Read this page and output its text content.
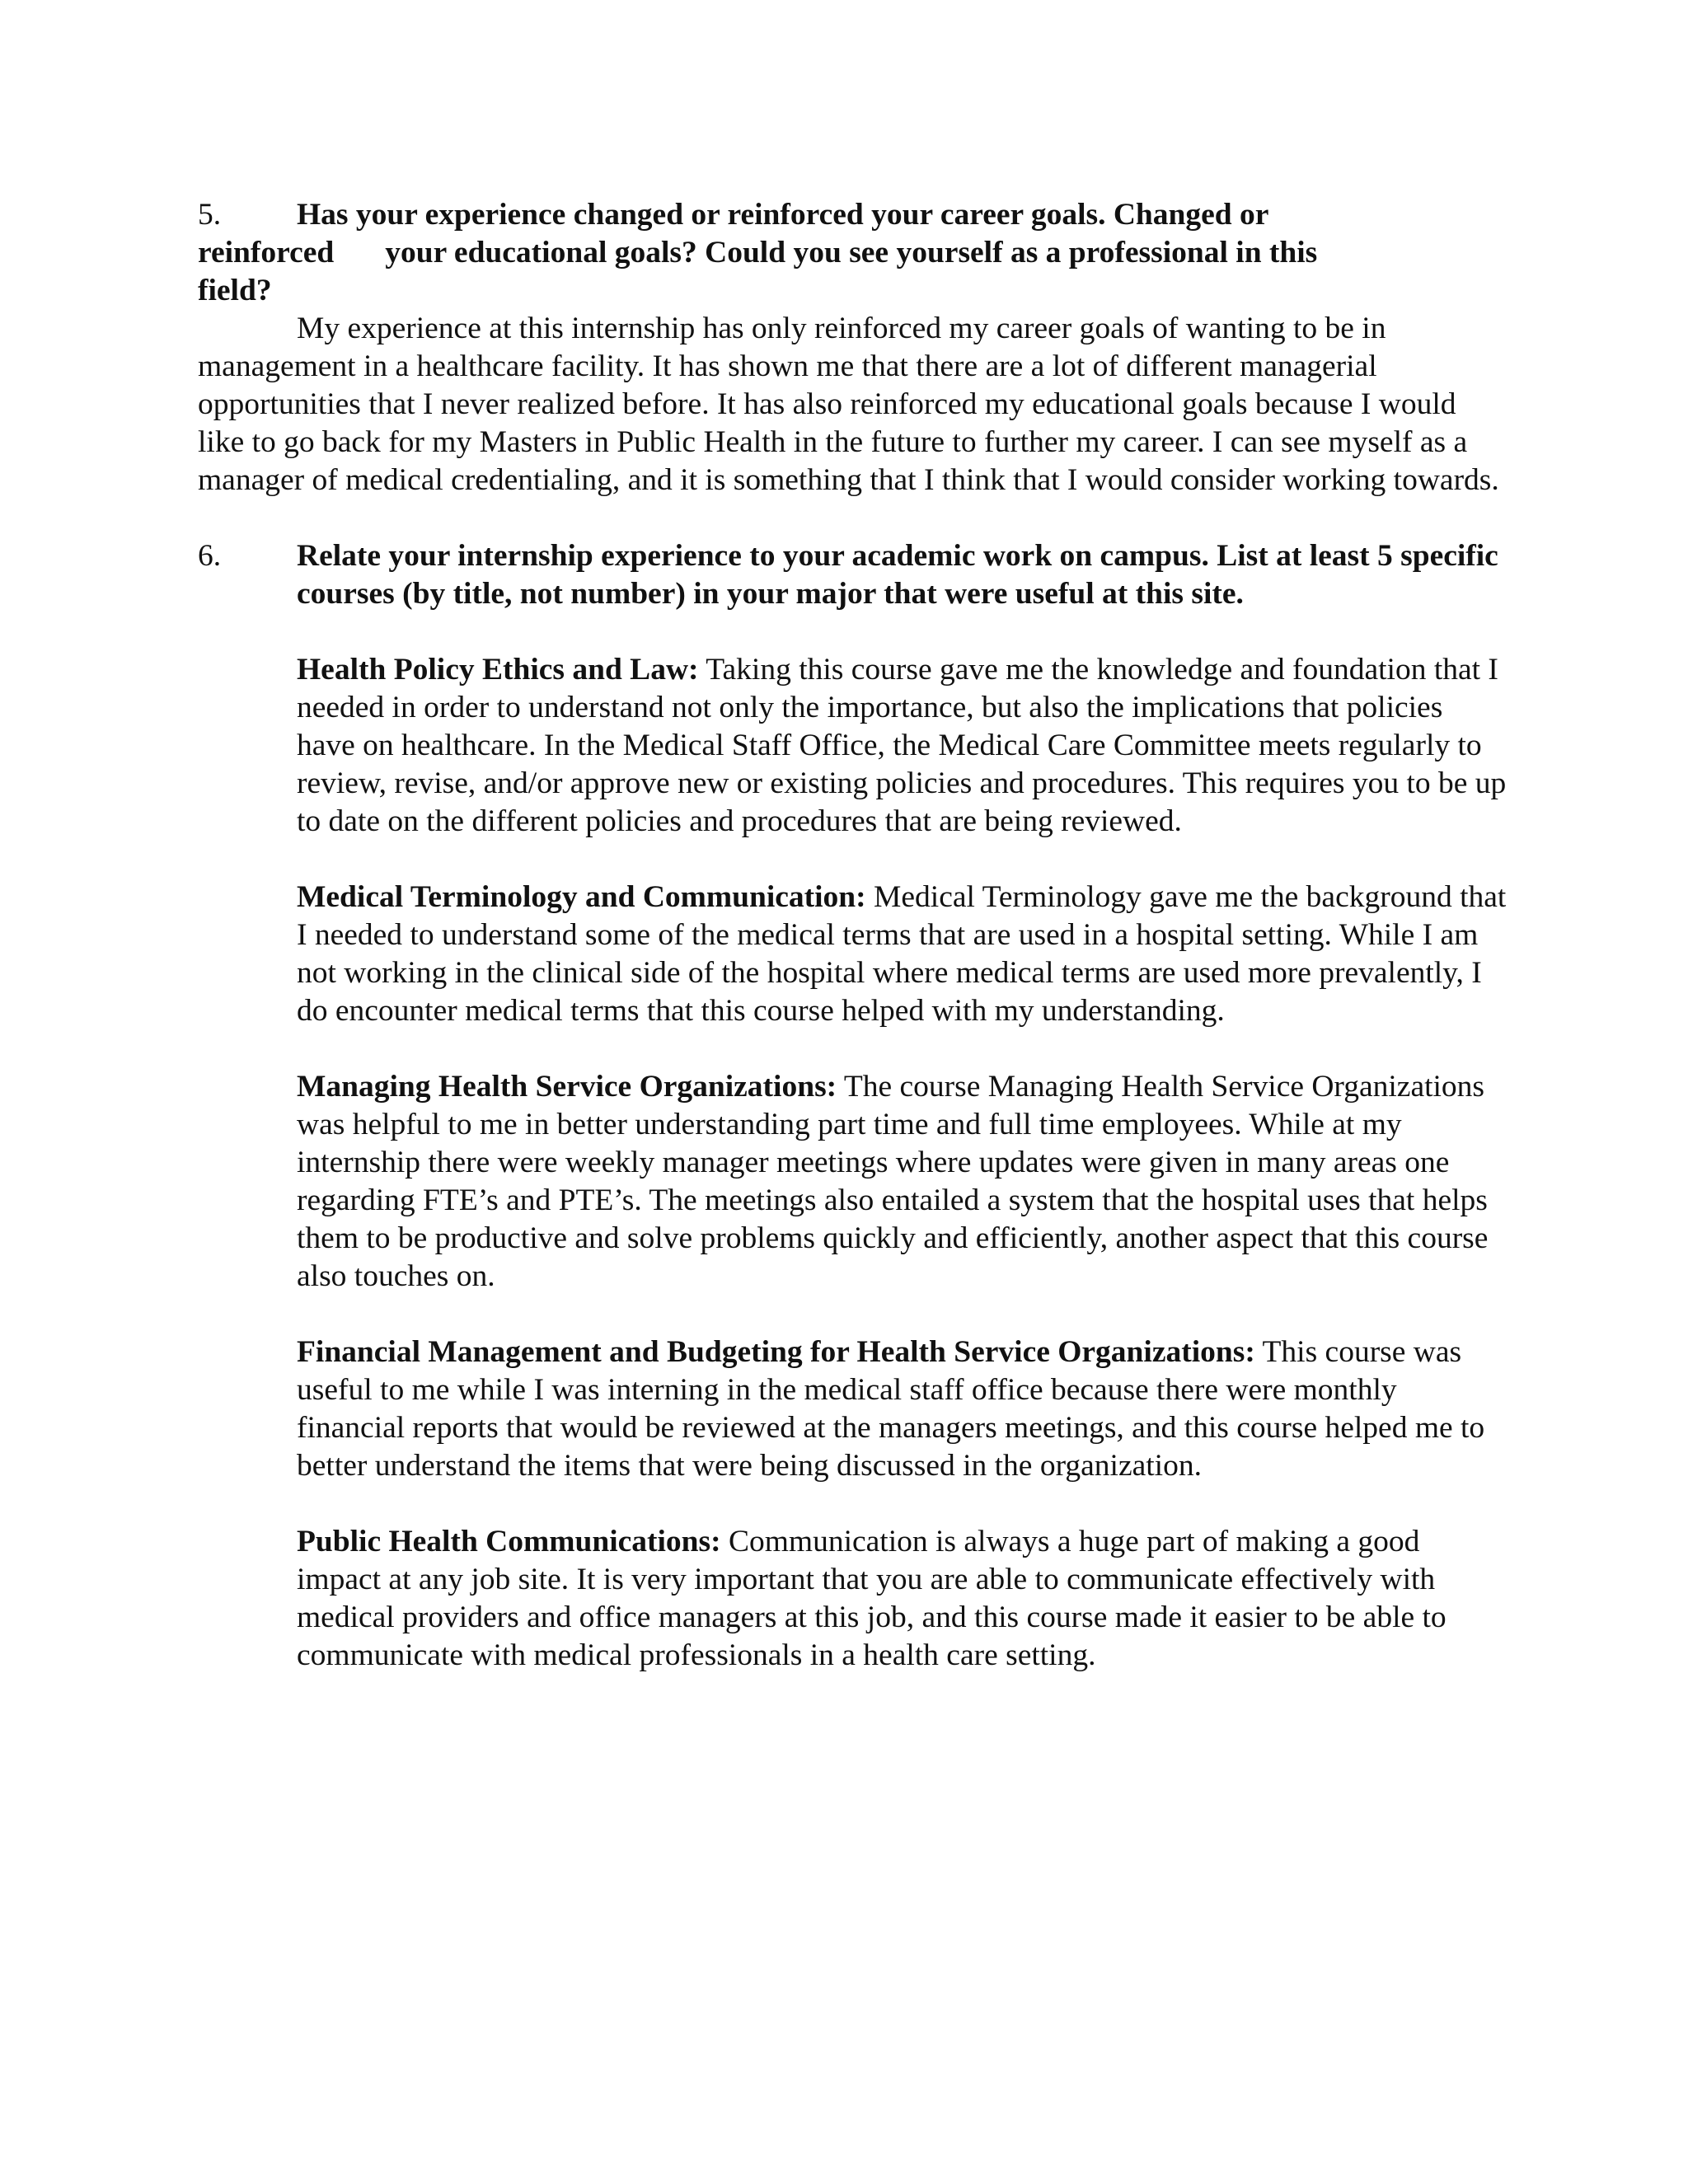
5. Has your experience changed or reinforced your career goals. Changed or
reinforced your educational goals? Could you see yourself as a professional in this
field?

My experience at this internship has only reinforced my career goals of wanting to be in management in a healthcare facility. It has shown me that there are a lot of different managerial opportunities that I never realized before. It has also reinforced my educational goals because I would like to go back for my Masters in Public Health in the future to further my career. I can see myself as a manager of medical credentialing, and it is something that I think that I would consider working towards.

6. Relate your internship experience to your academic work on campus. List at least 5 specific courses (by title, not number) in your major that were useful at this site.

Health Policy Ethics and Law: Taking this course gave me the knowledge and foundation that I needed in order to understand not only the importance, but also the implications that policies have on healthcare. In the Medical Staff Office, the Medical Care Committee meets regularly to review, revise, and/or approve new or existing policies and procedures. This requires you to be up to date on the different policies and procedures that are being reviewed.

Medical Terminology and Communication: Medical Terminology gave me the background that I needed to understand some of the medical terms that are used in a hospital setting. While I am not working in the clinical side of the hospital where medical terms are used more prevalently, I do encounter medical terms that this course helped with my understanding.

Managing Health Service Organizations: The course Managing Health Service Organizations was helpful to me in better understanding part time and full time employees. While at my internship there were weekly manager meetings where updates were given in many areas one regarding FTE’s and PTE’s. The meetings also entailed a system that the hospital uses that helps them to be productive and solve problems quickly and efficiently, another aspect that this course also touches on.

Financial Management and Budgeting for Health Service Organizations: This course was useful to me while I was interning in the medical staff office because there were monthly financial reports that would be reviewed at the managers meetings, and this course helped me to better understand the items that were being discussed in the organization.

Public Health Communications: Communication is always a huge part of making a good impact at any job site. It is very important that you are able to communicate effectively with medical providers and office managers at this job, and this course made it easier to be able to communicate with medical professionals in a health care setting.
